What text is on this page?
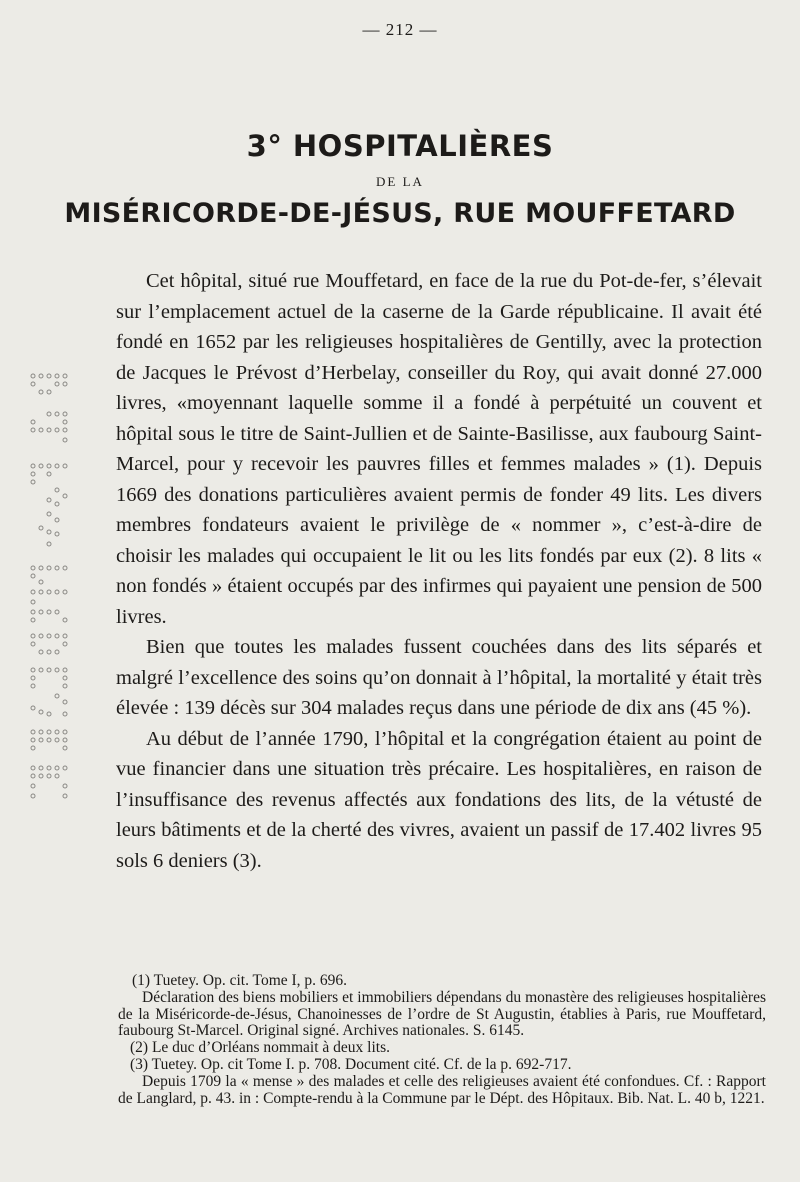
— 212 —
3° HOSPITALIÈRES

DE LA

MISÉRICORDE-DE-JÉSUS, RUE MOUFFETARD

Cet hôpital, situé rue Mouffetard, en face de la rue du Pot-de-fer, s’élevait sur l’emplacement actuel de la caserne de la Garde républicaine. Il avait été fondé en 1652 par les religieuses hospitalières de Gentilly, avec la protection de Jacques le Prévost d’Herbelay, conseiller du Roy, qui avait donné 27.000 livres, «moyennant laquelle somme il a fondé à perpétuité un couvent et hôpital sous le titre de Saint-Jullien et de Sainte-Basilisse, aux faubourg Saint-Marcel, pour y recevoir les pauvres filles et femmes malades » (1). Depuis 1669 des donations particulières avaient permis de fonder 49 lits. Les divers membres fondateurs avaient le privilège de « nommer », c’est-à-dire de choisir les malades qui occupaient le lit ou les lits fondés par eux (2). 8 lits « non fondés » étaient occupés par des infirmes qui payaient une pension de 500 livres.

Bien que toutes les malades fussent couchées dans des lits séparés et malgré l’excellence des soins qu’on donnait à l’hôpital, la mortalité y était très élevée : 139 décès sur 304 malades reçus dans une période de dix ans (45 %).

Au début de l’année 1790, l’hôpital et la congrégation étaient au point de vue financier dans une situation très précaire. Les hospitalières, en raison de l’insuffisance des revenus affectés aux fondations des lits, de la vétusté de leurs bâtiments et de la cherté des vivres, avaient un passif de 17.402 livres 95 sols 6 deniers (3).

(1) Tuetey. Op. cit. Tome I, p. 696.

Déclaration des biens mobiliers et immobiliers dépendans du monastère des religieuses hospitalières de la Miséricorde-de-Jésus, Chanoinesses de l’ordre de St Augustin, établies à Paris, rue Mouffetard, faubourg St-Marcel. Original signé. Archives nationales. S. 6145.

(2) Le duc d’Orléans nommait à deux lits.

(3) Tuetey. Op. cit Tome I. p. 708. Document cité. Cf. de la p. 692-717.

Depuis 1709 la « mense » des malades et celle des religieuses avaient été confondues. Cf. : Rapport de Langlard, p. 43. in : Compte-rendu à la Commune par le Dépt. des Hôpitaux. Bib. Nat. L. 40 b, 1221.
